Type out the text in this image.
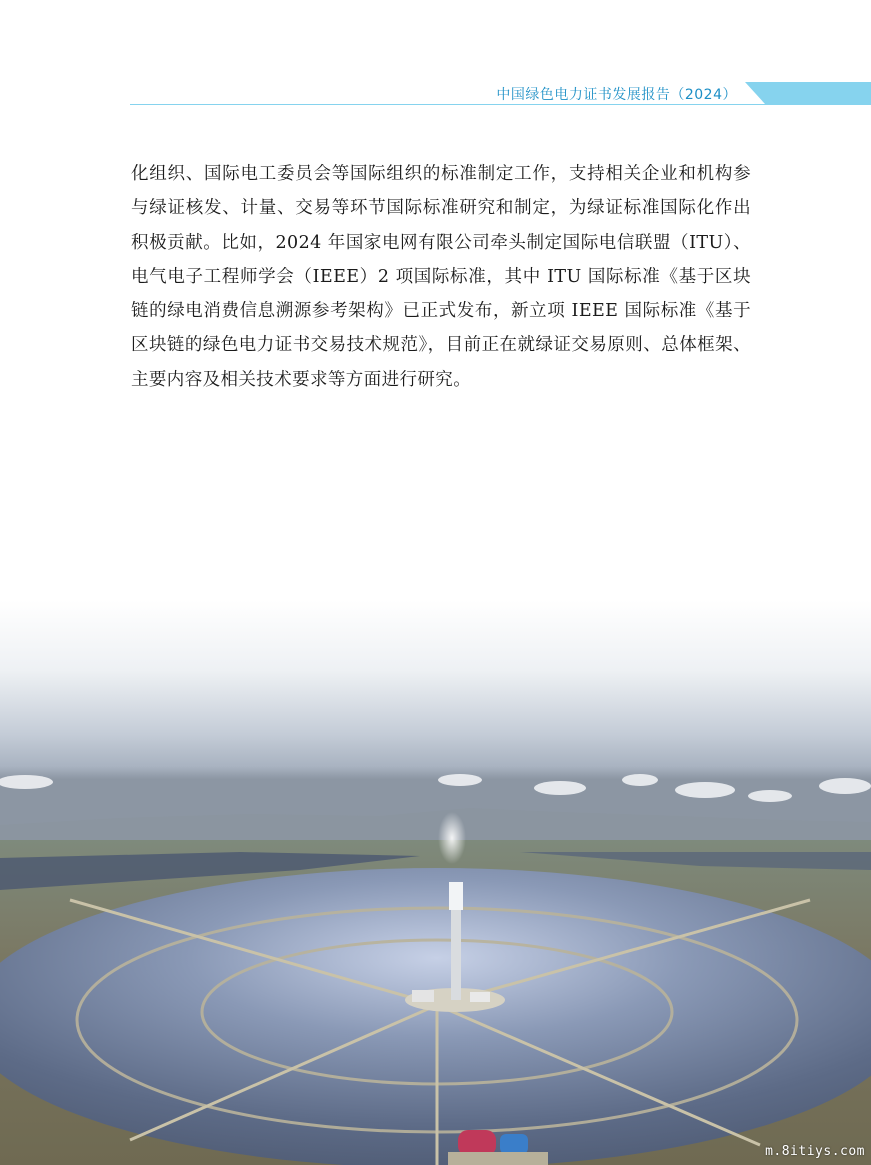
中国绿色电力证书发展报告（2024）

化组织、国际电工委员会等国际组织的标准制定工作，支持相关企业和机构参与绿证核发、计量、交易等环节国际标准研究和制定，为绿证标准国际化作出积极贡献。比如，2024 年国家电网有限公司牵头制定国际电信联盟（ITU）、电气电子工程师学会（IEEE）2 项国际标准，其中 ITU 国际标准《基于区块链的绿电消费信息溯源参考架构》已正式发布，新立项 IEEE 国际标准《基于区块链的绿色电力证书交易技术规范》，目前正在就绿证交易原则、总体框架、主要内容及相关技术要求等方面进行研究。

m.8itiys.com
